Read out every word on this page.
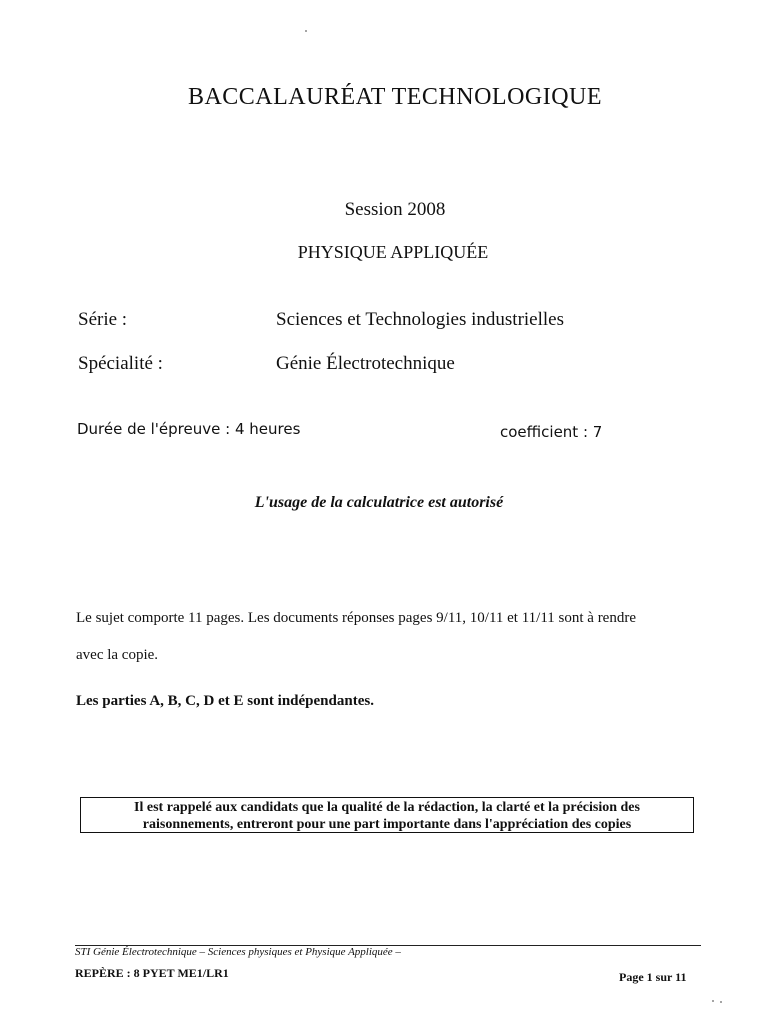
BACCALAURÉAT TECHNOLOGIQUE
Session 2008
PHYSIQUE APPLIQUÉE
Série :	Sciences et Technologies industrielles
Spécialité :	Génie Électrotechnique
Durée de l'épreuve : 4 heures	coefficient : 7
L'usage de la calculatrice est autorisé
Le sujet comporte 11 pages. Les documents réponses pages 9/11, 10/11 et 11/11 sont à rendre
avec la copie.
Les parties A, B, C, D et E sont indépendantes.
Il est rappelé aux candidats que la qualité de la rédaction, la clarté et la précision des
raisonnements, entreront pour une part importante dans l'appréciation des copies
STI Génie Électrotechnique – Sciences physiques et Physique Appliquée –
REPÈRE : 8 PYET ME1/LR1	Page 1 sur 11
